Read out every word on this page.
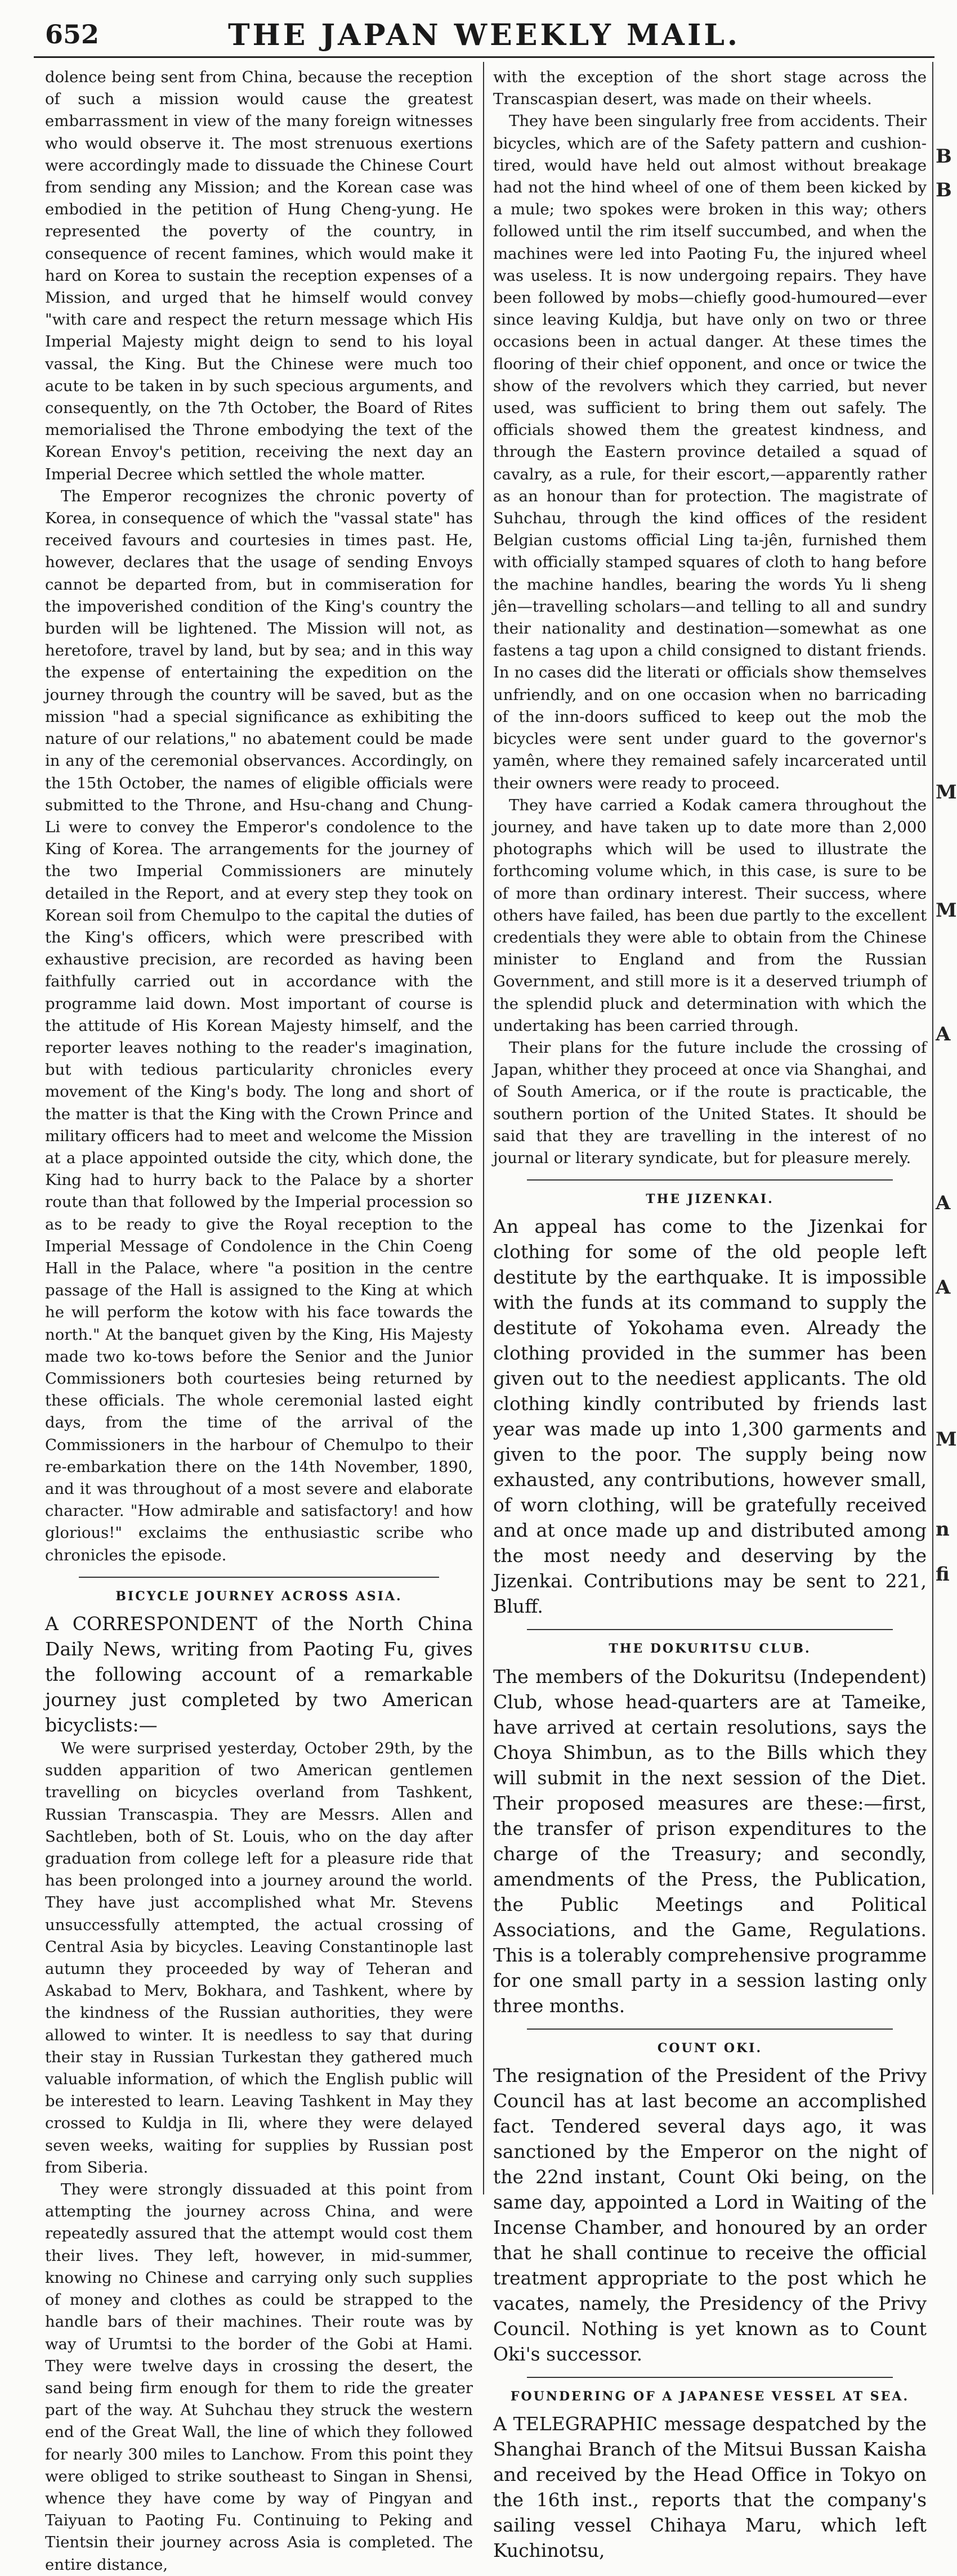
652	THE JAPAN WEEKLY MAIL.

dolence being sent from China, because the reception of such a mission would cause the greatest embarrassment in view of the many foreign witnesses who would observe it. The most strenuous exertions were accordingly made to dissuade the Chinese Court from sending any Mission; and the Korean case was embodied in the petition of Hung Cheng-yung. He represented the poverty of the country, in consequence of recent famines, which would make it hard on Korea to sustain the reception expenses of a Mission, and urged that he himself would convey "with care and respect the return message which His Imperial Majesty might deign to send to his loyal vassal, the King. But the Chinese were much too acute to be taken in by such specious arguments, and consequently, on the 7th October, the Board of Rites memorialised the Throne embodying the text of the Korean Envoy's petition, receiving the next day an Imperial Decree which settled the whole matter.

The Emperor recognizes the chronic poverty of Korea, in consequence of which the "vassal state" has received favours and courtesies in times past. He, however, declares that the usage of sending Envoys cannot be departed from, but in commiseration for the impoverished condition of the King's country the burden will be lightened. The Mission will not, as heretofore, travel by land, but by sea; and in this way the expense of entertaining the expedition on the journey through the country will be saved, but as the mission "had a special significance as exhibiting the nature of our relations," no abatement could be made in any of the ceremonial observances. Accordingly, on the 15th October, the names of eligible officials were submitted to the Throne, and Hsu-chang and Chung-Li were to convey the Emperor's condolence to the King of Korea. The arrangements for the journey of the two Imperial Commissioners are minutely detailed in the Report, and at every step they took on Korean soil from Chemulpo to the capital the duties of the King's officers, which were prescribed with exhaustive precision, are recorded as having been faithfully carried out in accordance with the programme laid down. Most important of course is the attitude of His Korean Majesty himself, and the reporter leaves nothing to the reader's imagination, but with tedious particularity chronicles every movement of the King's body. The long and short of the matter is that the King with the Crown Prince and military officers had to meet and welcome the Mission at a place appointed outside the city, which done, the King had to hurry back to the Palace by a shorter route than that followed by the Imperial procession so as to be ready to give the Royal reception to the Imperial Message of Condolence in the Chin Coeng Hall in the Palace, where "a position in the centre passage of the Hall is assigned to the King at which he will perform the kotow with his face towards the north." At the banquet given by the King, His Majesty made two ko-tows before the Senior and the Junior Commissioners both courtesies being returned by these officials. The whole ceremonial lasted eight days, from the time of the arrival of the Commissioners in the harbour of Chemulpo to their re-embarkation there on the 14th November, 1890, and it was throughout of a most severe and elaborate character. "How admirable and satisfactory! and how glorious!" exclaims the enthusiastic scribe who chronicles the episode.

BICYCLE JOURNEY ACROSS ASIA.

A CORRESPONDENT of the North China Daily News, writing from Paoting Fu, gives the following account of a remarkable journey just completed by two American bicyclists:—

We were surprised yesterday, October 29th, by the sudden apparition of two American gentlemen travelling on bicycles overland from Tashkent, Russian Transcaspia. They are Messrs. Allen and Sachtleben, both of St. Louis, who on the day after graduation from college left for a pleasure ride that has been prolonged into a journey around the world. They have just accomplished what Mr. Stevens unsuccessfully attempted, the actual crossing of Central Asia by bicycles. Leaving Constantinople last autumn they proceeded by way of Teheran and Askabad to Merv, Bokhara, and Tashkent, where by the kindness of the Russian authorities, they were allowed to winter. It is needless to say that during their stay in Russian Turkestan they gathered much valuable information, of which the English public will be interested to learn. Leaving Tashkent in May they crossed to Kuldja in Ili, where they were delayed seven weeks, waiting for supplies by Russian post from Siberia.

They were strongly dissuaded at this point from attempting the journey across China, and were repeatedly assured that the attempt would cost them their lives. They left, however, in mid-summer, knowing no Chinese and carrying only such supplies of money and clothes as could be strapped to the handle bars of their machines. Their route was by way of Urumtsi to the border of the Gobi at Hami. They were twelve days in crossing the desert, the sand being firm enough for them to ride the greater part of the way. At Suhchau they struck the western end of the Great Wall, the line of which they followed for nearly 300 miles to Lanchow. From this point they were obliged to strike southeast to Singan in Shensi, whence they have come by way of Pingyan and Taiyuan to Paoting Fu. Continuing to Peking and Tientsin their journey across Asia is completed. The entire distance,

with the exception of the short stage across the Transcaspian desert, was made on their wheels.

They have been singularly free from accidents. Their bicycles, which are of the Safety pattern and cushion-tired, would have held out almost without breakage had not the hind wheel of one of them been kicked by a mule; two spokes were broken in this way; others followed until the rim itself succumbed, and when the machines were led into Paoting Fu, the injured wheel was useless. It is now undergoing repairs. They have been followed by mobs—chiefly good-humoured—ever since leaving Kuldja, but have only on two or three occasions been in actual danger. At these times the flooring of their chief opponent, and once or twice the show of the revolvers which they carried, but never used, was sufficient to bring them out safely. The officials showed them the greatest kindness, and through the Eastern province detailed a squad of cavalry, as a rule, for their escort,—apparently rather as an honour than for protection. The magistrate of Suhchau, through the kind offices of the resident Belgian customs official Ling ta-jên, furnished them with officially stamped squares of cloth to hang before the machine handles, bearing the words Yu li sheng jên—travelling scholars—and telling to all and sundry their nationality and destination—somewhat as one fastens a tag upon a child consigned to distant friends. In no cases did the literati or officials show themselves unfriendly, and on one occasion when no barricading of the inn-doors sufficed to keep out the mob the bicycles were sent under guard to the governor's yamên, where they remained safely incarcerated until their owners were ready to proceed.

They have carried a Kodak camera throughout the journey, and have taken up to date more than 2,000 photographs which will be used to illustrate the forthcoming volume which, in this case, is sure to be of more than ordinary interest. Their success, where others have failed, has been due partly to the excellent credentials they were able to obtain from the Chinese minister to England and from the Russian Government, and still more is it a deserved triumph of the splendid pluck and determination with which the undertaking has been carried through.

Their plans for the future include the crossing of Japan, whither they proceed at once via Shanghai, and of South America, or if the route is practicable, the southern portion of the United States. It should be said that they are travelling in the interest of no journal or literary syndicate, but for pleasure merely.

THE JIZENKAI.

An appeal has come to the Jizenkai for clothing for some of the old people left destitute by the earthquake. It is impossible with the funds at its command to supply the destitute of Yokohama even. Already the clothing provided in the summer has been given out to the neediest applicants. The old clothing kindly contributed by friends last year was made up into 1,300 garments and given to the poor. The supply being now exhausted, any contributions, however small, of worn clothing, will be gratefully received and at once made up and distributed among the most needy and deserving by the Jizenkai. Contributions may be sent to 221, Bluff.

THE DOKURITSU CLUB.

The members of the Dokuritsu (Independent) Club, whose head-quarters are at Tameike, have arrived at certain resolutions, says the Choya Shimbun, as to the Bills which they will submit in the next session of the Diet. Their proposed measures are these:—first, the transfer of prison expenditures to the charge of the Treasury; and secondly, amendments of the Press, the Publication, the Public Meetings and Political Associations, and the Game, Regulations. This is a tolerably comprehensive programme for one small party in a session lasting only three months.

COUNT OKI.

The resignation of the President of the Privy Council has at last become an accomplished fact. Tendered several days ago, it was sanctioned by the Emperor on the night of the 22nd instant, Count Oki being, on the same day, appointed a Lord in Waiting of the Incense Chamber, and honoured by an order that he shall continue to receive the official treatment appropriate to the post which he vacates, namely, the Presidency of the Privy Council. Nothing is yet known as to Count Oki's successor.

FOUNDERING OF A JAPANESE VESSEL AT SEA.

A TELEGRAPHIC message despatched by the Shanghai Branch of the Mitsui Bussan Kaisha and received by the Head Office in Tokyo on the 16th inst., reports that the company's sailing vessel Chihaya Maru, which left Kuchinotsu,

B
B
M
M
A
A
A
M
n
fi
